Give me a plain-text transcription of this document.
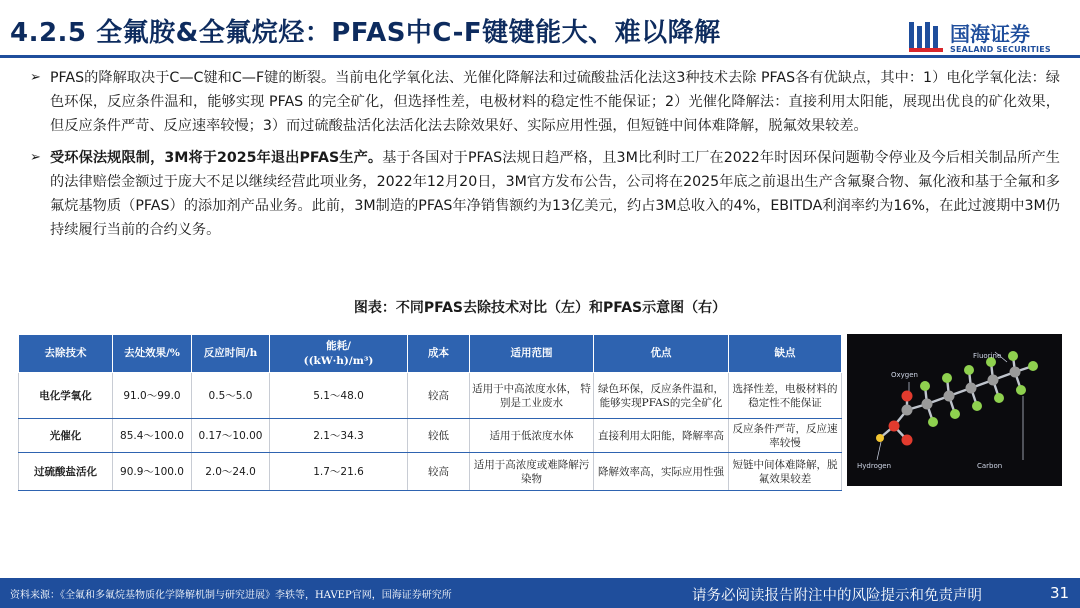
4.2.5 全氟胺&全氟烷烃：PFAS中C-F键键能大、难以降解	国海证券
SEALAND SECURITIES
➢ PFAS的降解取决于C—C键和C—F键的断裂。当前电化学氧化法、光催化降解法和过硫酸盐活化法这3种技术去除 PFAS各有优缺点，其中：1）电化学氧化法：绿色环保，反应条件温和，能够实现 PFAS 的完全矿化，但选择性差，电极材料的稳定性不能保证；2）光催化降解法：直接利用太阳能，展现出优良的矿化效果，但反应条件严苛、反应速率较慢；3）而过硫酸盐活化法活化法去除效果好、实际应用性强，但短链中间体难降解，脱氟效果较差。
➢ 受环保法规限制，3M将于2025年退出PFAS生产。基于各国对于PFAS法规日趋严格，且3M比利时工厂在2022年时因环保问题勒令停业及今后相关制品所产生的法律赔偿金额过于庞大不足以继续经营此项业务，2022年12月20日，3M官方发布公告，公司将在2025年底之前退出生产含氟聚合物、氟化液和基于全氟和多氟烷基物质（PFAS）的添加剂产品业务。此前，3M制造的PFAS年净销售额约为13亿美元，约占3M总收入的4%，EBITDA利润率约为16%，在此过渡期中3M仍持续履行当前的合约义务。
图表：不同PFAS去除技术对比（左）和PFAS示意图（右）
去除技术	去处效果/%	反应时间/h	能耗/
((kW·h)/m³)	成本	适用范围	优点	缺点
电化学氧化	91.0～99.0	0.5～5.0	5.1～48.0	较高	适用于中高浓度水体， 特别是工业废水	绿色环保，反应条件温和，能够实现PFAS的完全矿化	选择性差，电极材料的稳定性不能保证
光催化	85.4～100.0	0.17～10.00	2.1～34.3	较低	适用于低浓度水体	直接利用太阳能，降解率高	反应条件严苛，反应速率较慢
过硫酸盐活化	90.9～100.0	2.0～24.0	1.7～21.6	较高	适用于高浓度或难降解污染物	降解效率高，实际应用性强	短链中间体难降解，脱氟效果较差
Fluorine
Oxygen
Hydrogen	Carbon
资料来源：《全氟和多氟烷基物质化学降解机制与研究进展》李轶等，HAVEP官网，国海证券研究所	请务必阅读报告附注中的风险提示和免责声明	31
